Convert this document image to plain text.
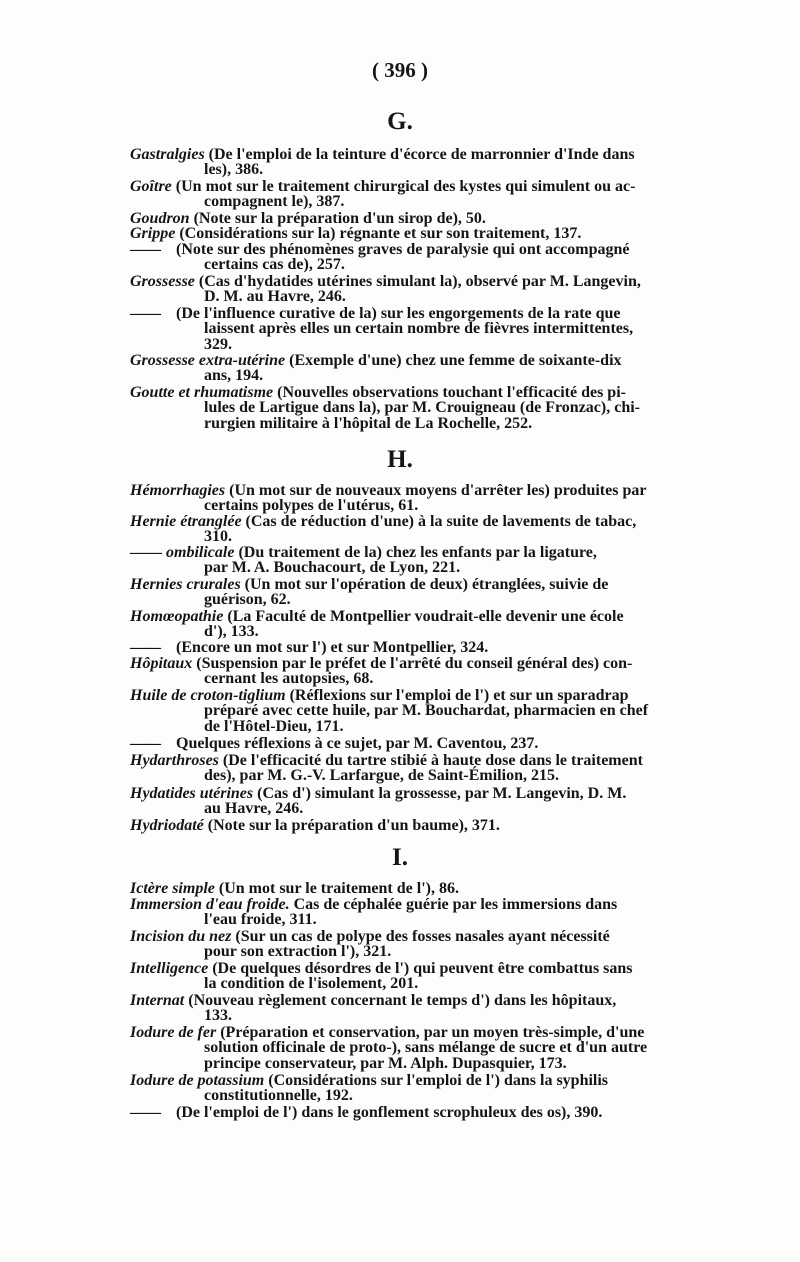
( 396 )
G.
Gastralgies (De l'emploi de la teinture d'écorce de marronnier d'Inde dans
les), 386.
Goître (Un mot sur le traitement chirurgical des kystes qui simulent ou ac-
compagnent le), 387.
Goudron (Note sur la préparation d'un sirop de), 50.
Grippe (Considérations sur la) régnante et sur son traitement, 137.
—— (Note sur des phénomènes graves de paralysie qui ont accompagné
certains cas de), 257.
Grossesse (Cas d'hydatides utérines simulant la), observé par M. Langevin,
D. M. au Havre, 246.
—— (De l'influence curative de la) sur les engorgements de la rate que
laissent après elles un certain nombre de fièvres intermittentes,
329.
Grossesse extra-utérine (Exemple d'une) chez une femme de soixante-dix
ans, 194.
Goutte et rhumatisme (Nouvelles observations touchant l'efficacité des pi-
lules de Lartigue dans la), par M. Crouigneau (de Fronzac), chi-
rurgien militaire à l'hôpital de La Rochelle, 252.
H.
Hémorrhagies (Un mot sur de nouveaux moyens d'arrêter les) produites par
certains polypes de l'utérus, 61.
Hernie étranglée (Cas de réduction d'une) à la suite de lavements de tabac,
310.
—— ombilicale (Du traitement de la) chez les enfants par la ligature,
par M. A. Bouchacourt, de Lyon, 221.
Hernies crurales (Un mot sur l'opération de deux) étranglées, suivie de
guérison, 62.
Homœopathie (La Faculté de Montpellier voudrait-elle devenir une école
d'), 133.
—— (Encore un mot sur l') et sur Montpellier, 324.
Hôpitaux (Suspension par le préfet de l'arrêté du conseil général des) con-
cernant les autopsies, 68.
Huile de croton-tiglium (Réflexions sur l'emploi de l') et sur un sparadrap
préparé avec cette huile, par M. Bouchardat, pharmacien en chef
de l'Hôtel-Dieu, 171.
—— Quelques réflexions à ce sujet, par M. Caventou, 237.
Hydarthroses (De l'efficacité du tartre stibié à haute dose dans le traitement
des), par M. G.-V. Larfargue, de Saint-Émilion, 215.
Hydatides utérines (Cas d') simulant la grossesse, par M. Langevin, D. M.
au Havre, 246.
Hydriodaté (Note sur la préparation d'un baume), 371.
I.
Ictère simple (Un mot sur le traitement de l'), 86.
Immersion d'eau froide. Cas de céphalée guérie par les immersions dans
l'eau froide, 311.
Incision du nez (Sur un cas de polype des fosses nasales ayant nécessité
pour son extraction l'), 321.
Intelligence (De quelques désordres de l') qui peuvent être combattus sans
la condition de l'isolement, 201.
Internat (Nouveau règlement concernant le temps d') dans les hôpitaux,
133.
Iodure de fer (Préparation et conservation, par un moyen très-simple, d'une
solution officinale de proto-), sans mélange de sucre et d'un autre
principe conservateur, par M. Alph. Dupasquier, 173.
Iodure de potassium (Considérations sur l'emploi de l') dans la syphilis
constitutionnelle, 192.
—— (De l'emploi de l') dans le gonflement scrophuleux des os), 390.
